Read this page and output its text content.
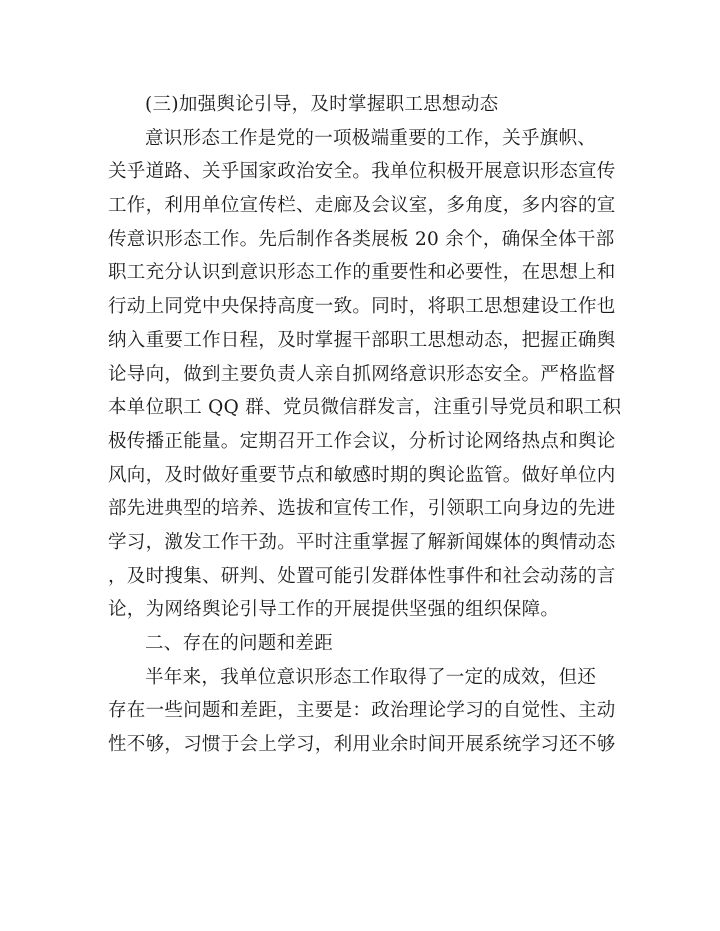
(三)加强舆论引导，及时掌握职工思想动态
意识形态工作是党的一项极端重要的工作，关乎旗帜、
关乎道路、关乎国家政治安全。我单位积极开展意识形态宣传
工作，利用单位宣传栏、走廊及会议室，多角度，多内容的宣
传意识形态工作。先后制作各类展板 20 余个，确保全体干部
职工充分认识到意识形态工作的重要性和必要性，在思想上和
行动上同党中央保持高度一致。同时，将职工思想建设工作也
纳入重要工作日程，及时掌握干部职工思想动态，把握正确舆
论导向，做到主要负责人亲自抓网络意识形态安全。严格监督
本单位职工 QQ 群、党员微信群发言，注重引导党员和职工积
极传播正能量。定期召开工作会议，分析讨论网络热点和舆论
风向，及时做好重要节点和敏感时期的舆论监管。做好单位内
部先进典型的培养、选拔和宣传工作，引领职工向身边的先进
学习，激发工作干劲。平时注重掌握了解新闻媒体的舆情动态
，及时搜集、研判、处置可能引发群体性事件和社会动荡的言
论，为网络舆论引导工作的开展提供坚强的组织保障。
二、存在的问题和差距
半年来，我单位意识形态工作取得了一定的成效，但还
存在一些问题和差距，主要是：政治理论学习的自觉性、主动
性不够，习惯于会上学习，利用业余时间开展系统学习还不够
